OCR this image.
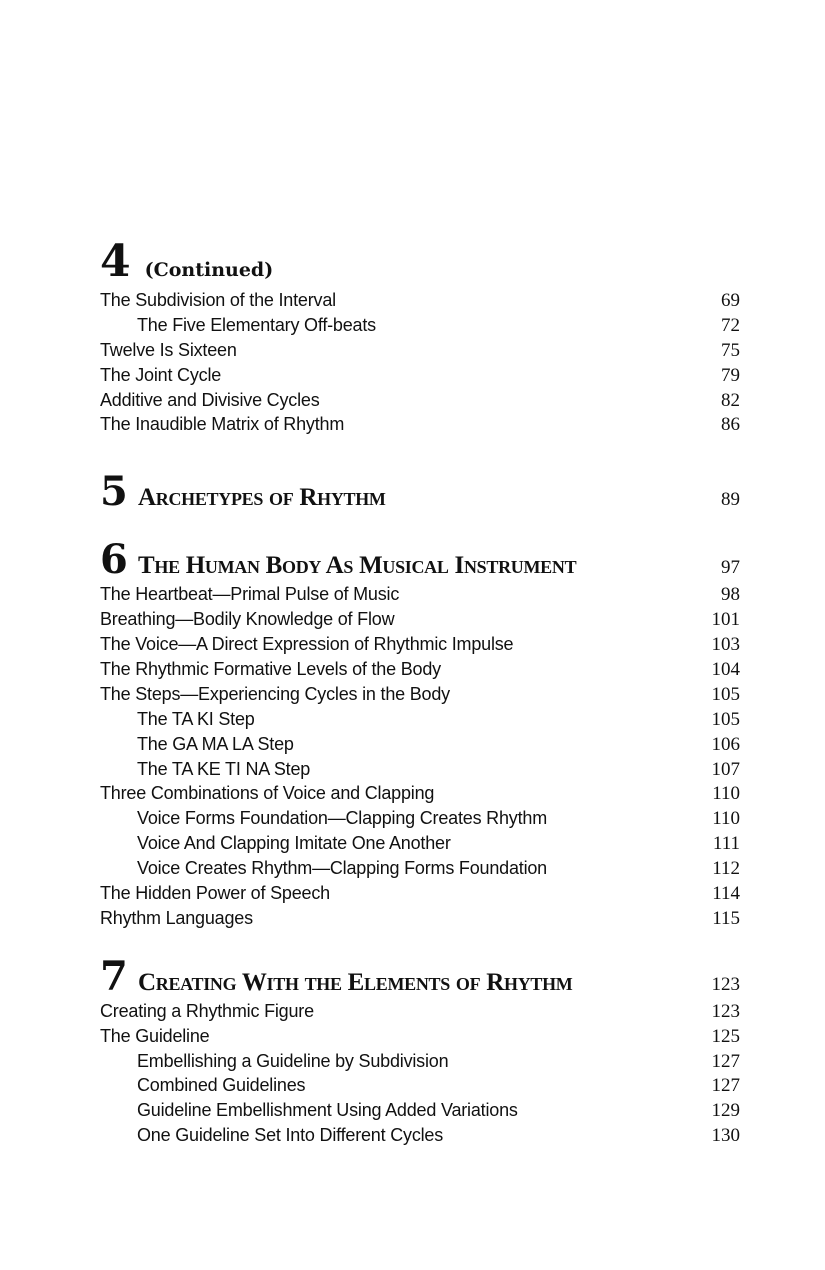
4 (Continued)
The Subdivision of the Interval	69
The Five Elementary Off-beats	72
Twelve Is Sixteen	75
The Joint Cycle	79
Additive and Divisive Cycles	82
The Inaudible Matrix of Rhythm	86
5 Archetypes of Rhythm	89
6 The Human Body As Musical Instrument	97
The Heartbeat—Primal Pulse of Music	98
Breathing—Bodily Knowledge of Flow	101
The Voice—A Direct Expression of Rhythmic Impulse	103
The Rhythmic Formative Levels of the Body	104
The Steps—Experiencing Cycles in the Body	105
The TA KI Step	105
The GA MA LA Step	106
The TA KE TI NA Step	107
Three Combinations of Voice and Clapping	110
Voice Forms Foundation—Clapping Creates Rhythm	110
Voice And Clapping Imitate One Another	111
Voice Creates Rhythm—Clapping Forms Foundation	112
The Hidden Power of Speech	114
Rhythm Languages	115
7 Creating With the Elements of Rhythm	123
Creating a Rhythmic Figure	123
The Guideline	125
Embellishing a Guideline by Subdivision	127
Combined Guidelines	127
Guideline Embellishment Using Added Variations	129
One Guideline Set Into Different Cycles	130
